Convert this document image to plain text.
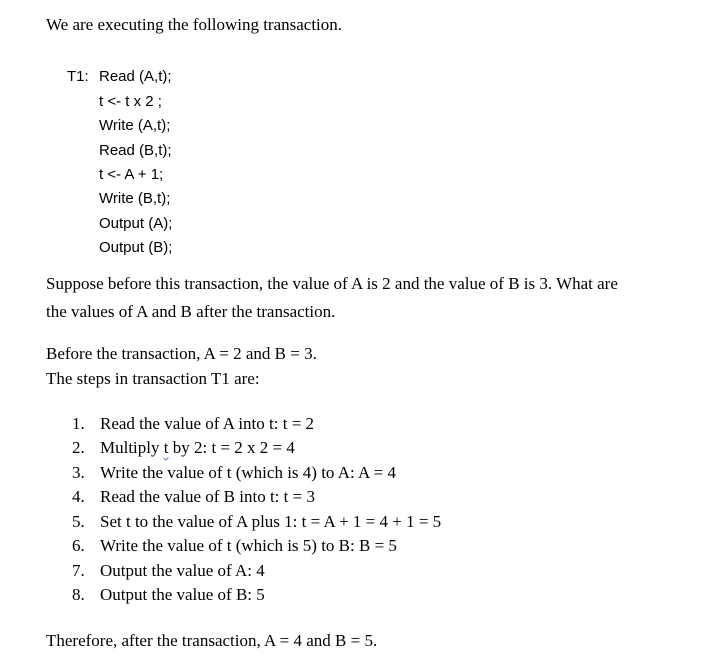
We are executing the following transaction.
T1: Read (A,t);
t <- t x 2 ;
Write (A,t);
Read (B,t);
t <- A + 1;
Write (B,t);
Output (A);
Output (B);
Suppose before this transaction, the value of A is 2 and the value of B is 3. What are
the values of A and B after the transaction.
Before the transaction, A = 2 and B = 3.
The steps in transaction T1 are:
1. Read the value of A into t: t = 2
2. Multiply t by 2: t = 2 x 2 = 4
3. Write the value of t (which is 4) to A: A = 4
4. Read the value of B into t: t = 3
5. Set t to the value of A plus 1: t = A + 1 = 4 + 1 = 5
6. Write the value of t (which is 5) to B: B = 5
7. Output the value of A: 4
8. Output the value of B: 5
Therefore, after the transaction, A = 4 and B = 5.
